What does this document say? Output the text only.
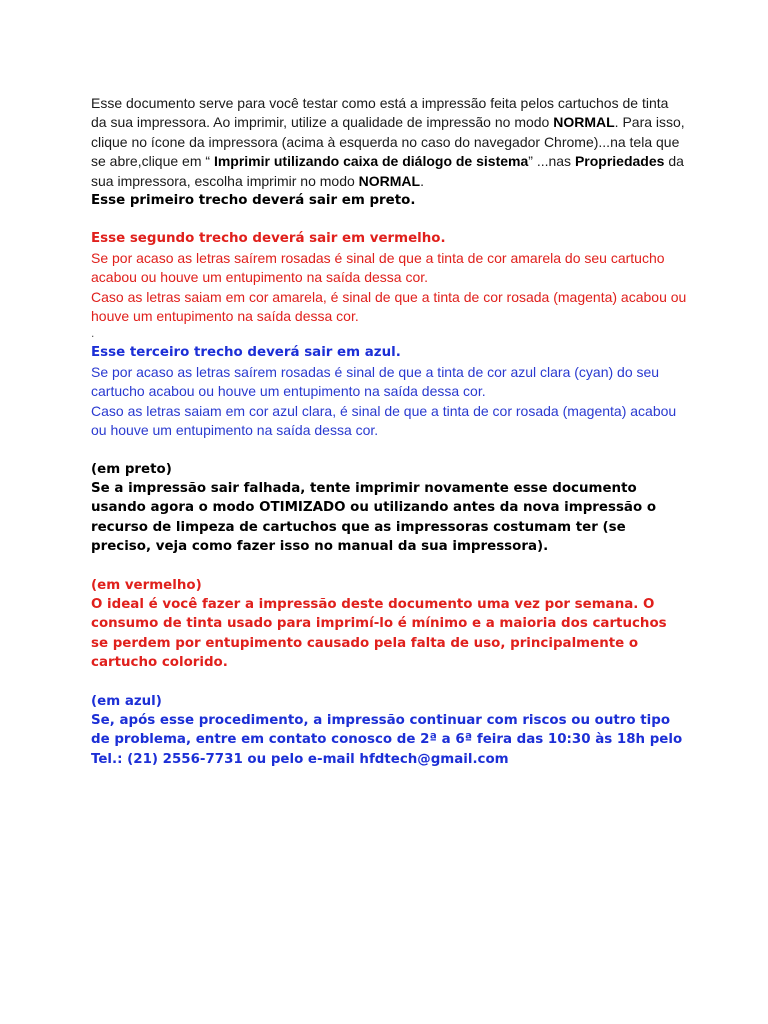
Esse documento serve para você testar como está a impressão feita pelos cartuchos de tinta
da sua impressora. Ao imprimir, utilize a qualidade de impressão no modo NORMAL. Para isso,
clique no ícone da impressora (acima à esquerda no caso do navegador Chrome)...na tela que
se abre,clique em “ Imprimir utilizando caixa de diálogo de sistema” ...nas Propriedades da
sua impressora, escolha imprimir no modo NORMAL.

Esse primeiro trecho deverá sair em preto.

Esse segundo trecho deverá sair em vermelho.

Se por acaso as letras saírem rosadas é sinal de que a tinta de cor amarela do seu cartucho
acabou ou houve um entupimento na saída dessa cor.
Caso as letras saiam em cor amarela, é sinal de que a tinta de cor rosada (magenta) acabou ou
houve um entupimento na saída dessa cor.

.

Esse terceiro trecho deverá sair em azul.

Se por acaso as letras saírem rosadas é sinal de que a tinta de cor azul clara (cyan) do seu
cartucho acabou ou houve um entupimento na saída dessa cor.
Caso as letras saiam em cor azul clara, é sinal de que a tinta de cor rosada (magenta) acabou
ou houve um entupimento na saída dessa cor.

(em preto)

Se a impressão sair falhada, tente imprimir novamente esse documento

usando agora o modo OTIMIZADO ou utilizando antes da nova impressão o

recurso de limpeza de cartuchos que as impressoras costumam ter (se

preciso, veja como fazer isso no manual da sua impressora).

(em vermelho)

O ideal é você fazer a impressão deste documento uma vez por semana. O

consumo de tinta usado para imprimí-lo é mínimo e a maioria dos cartuchos

se perdem por entupimento causado pela falta de uso, principalmente o

cartucho colorido.

(em azul)

Se, após esse procedimento, a impressão continuar com riscos ou outro tipo

de problema, entre em contato conosco de 2ª a 6ª feira das 10:30 às 18h pelo

Tel.: (21) 2556-7731 ou pelo e-mail hfdtech@gmail.com
